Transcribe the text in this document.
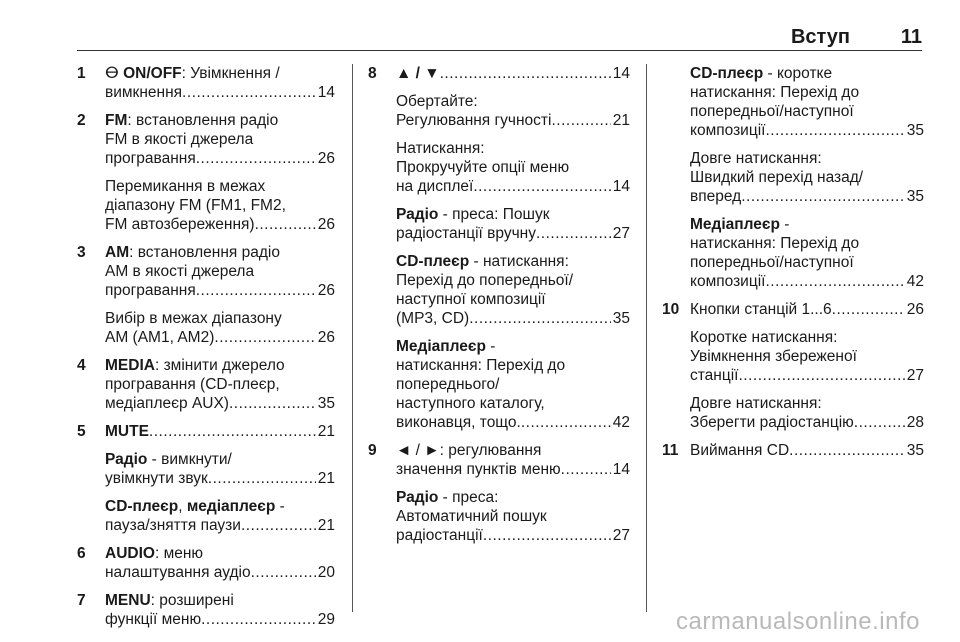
Вступ	11
1	ⴱ ON/OFF: Увімкнення /
вимкнення .....	14
2	FM: встановлення радіо
FM в якості джерела
програвання .....	26
Перемикання в межах
діапазону FM (FM1, FM2,
FM автозбереження) .....	26
3	AM: встановлення радіо
AM в якості джерела
програвання .....	26
Вибір в межах діапазону
AM (AM1, AM2) .....	26
4	MEDIA: змінити джерело
програвання (CD-плеєр,
медіаплеєр AUX) .....	35
5	MUTE .....	21
Радіо - вимкнути/
увімкнути звук .....	21
CD-плеєр, медіаплеєр -
пауза/зняття паузи .....	21
6	AUDIO: меню
налаштування аудіо .....	20
7	MENU: розширені
функції меню .....	29
8	▲ / ▼ .....	14
Обертайте:
Регулювання гучності .....	21
Натискання:
Прокручуйте опції меню
на дисплеї .....	14
Радіо - преса: Пошук
радіостанції вручну .....	27
CD-плеєр - натискання:
Перехід до попередньої/
наступної композиції
(MP3, CD) .....	35
Медіаплеєр -
натискання: Перехід до
попереднього/
наступного каталогу,
виконавця, тощо. .....	42
9	◄ / ►: регулювання
значення пунктів меню .....	14
Радіо - преса:
Автоматичний пошук
радіостанції .....	27
CD-плеєр - коротке
натискання: Перехід до
попередньої/наступної
композиції .....	35
Довге натискання:
Швидкий перехід назад/
вперед .....	35
Медіаплеєр -
натискання: Перехід до
попередньої/наступної
композиції .....	42
10 Кнопки станцій 1...6 .....	26
Коротке натискання:
Увімкнення збереженої
станції .....	27
Довге натискання:
Зберегти радіостанцію .....	28
11 Виймання CD .....	35
carmanualsonline.info
